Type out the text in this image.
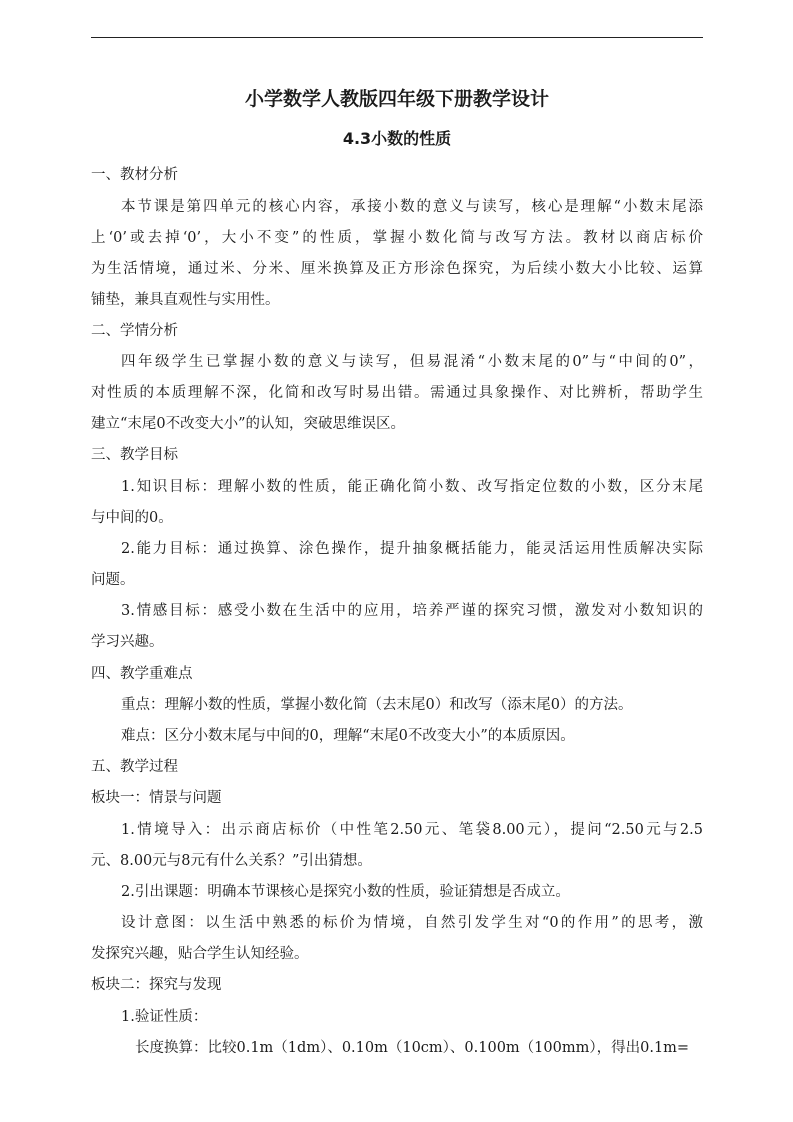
小学数学人教版四年级下册教学设计
4.3小数的性质
一、教材分析
本节课是第四单元的核心内容，承接小数的意义与读写，核心是理解“小数末尾添
上‘0’或去掉‘0’，大小不变”的性质，掌握小数化简与改写方法。教材以商店标价
为生活情境，通过米、分米、厘米换算及正方形涂色探究，为后续小数大小比较、运算
铺垫，兼具直观性与实用性。
二、学情分析
四年级学生已掌握小数的意义与读写，但易混淆“小数末尾的0”与“中间的0”，
对性质的本质理解不深，化简和改写时易出错。需通过具象操作、对比辨析，帮助学生
建立“末尾0不改变大小”的认知，突破思维误区。
三、教学目标
1.知识目标：理解小数的性质，能正确化简小数、改写指定位数的小数，区分末尾
与中间的0。
2.能力目标：通过换算、涂色操作，提升抽象概括能力，能灵活运用性质解决实际
问题。
3.情感目标：感受小数在生活中的应用，培养严谨的探究习惯，激发对小数知识的
学习兴趣。
四、教学重难点
重点：理解小数的性质，掌握小数化简（去末尾0）和改写（添末尾0）的方法。
难点：区分小数末尾与中间的0，理解“末尾0不改变大小”的本质原因。
五、教学过程
板块一：情景与问题
1.情境导入：出示商店标价（中性笔2.50元、笔袋8.00元），提问“2.50元与2.5
元、8.00元与8元有什么关系？”引出猜想。
2.引出课题：明确本节课核心是探究小数的性质，验证猜想是否成立。
设计意图：以生活中熟悉的标价为情境，自然引发学生对“0的作用”的思考，激
发探究兴趣，贴合学生认知经验。
板块二：探究与发现
1.验证性质：
长度换算：比较0.1m（1dm）、0.10m（10cm）、0.100m（100mm），得出0.1m=
